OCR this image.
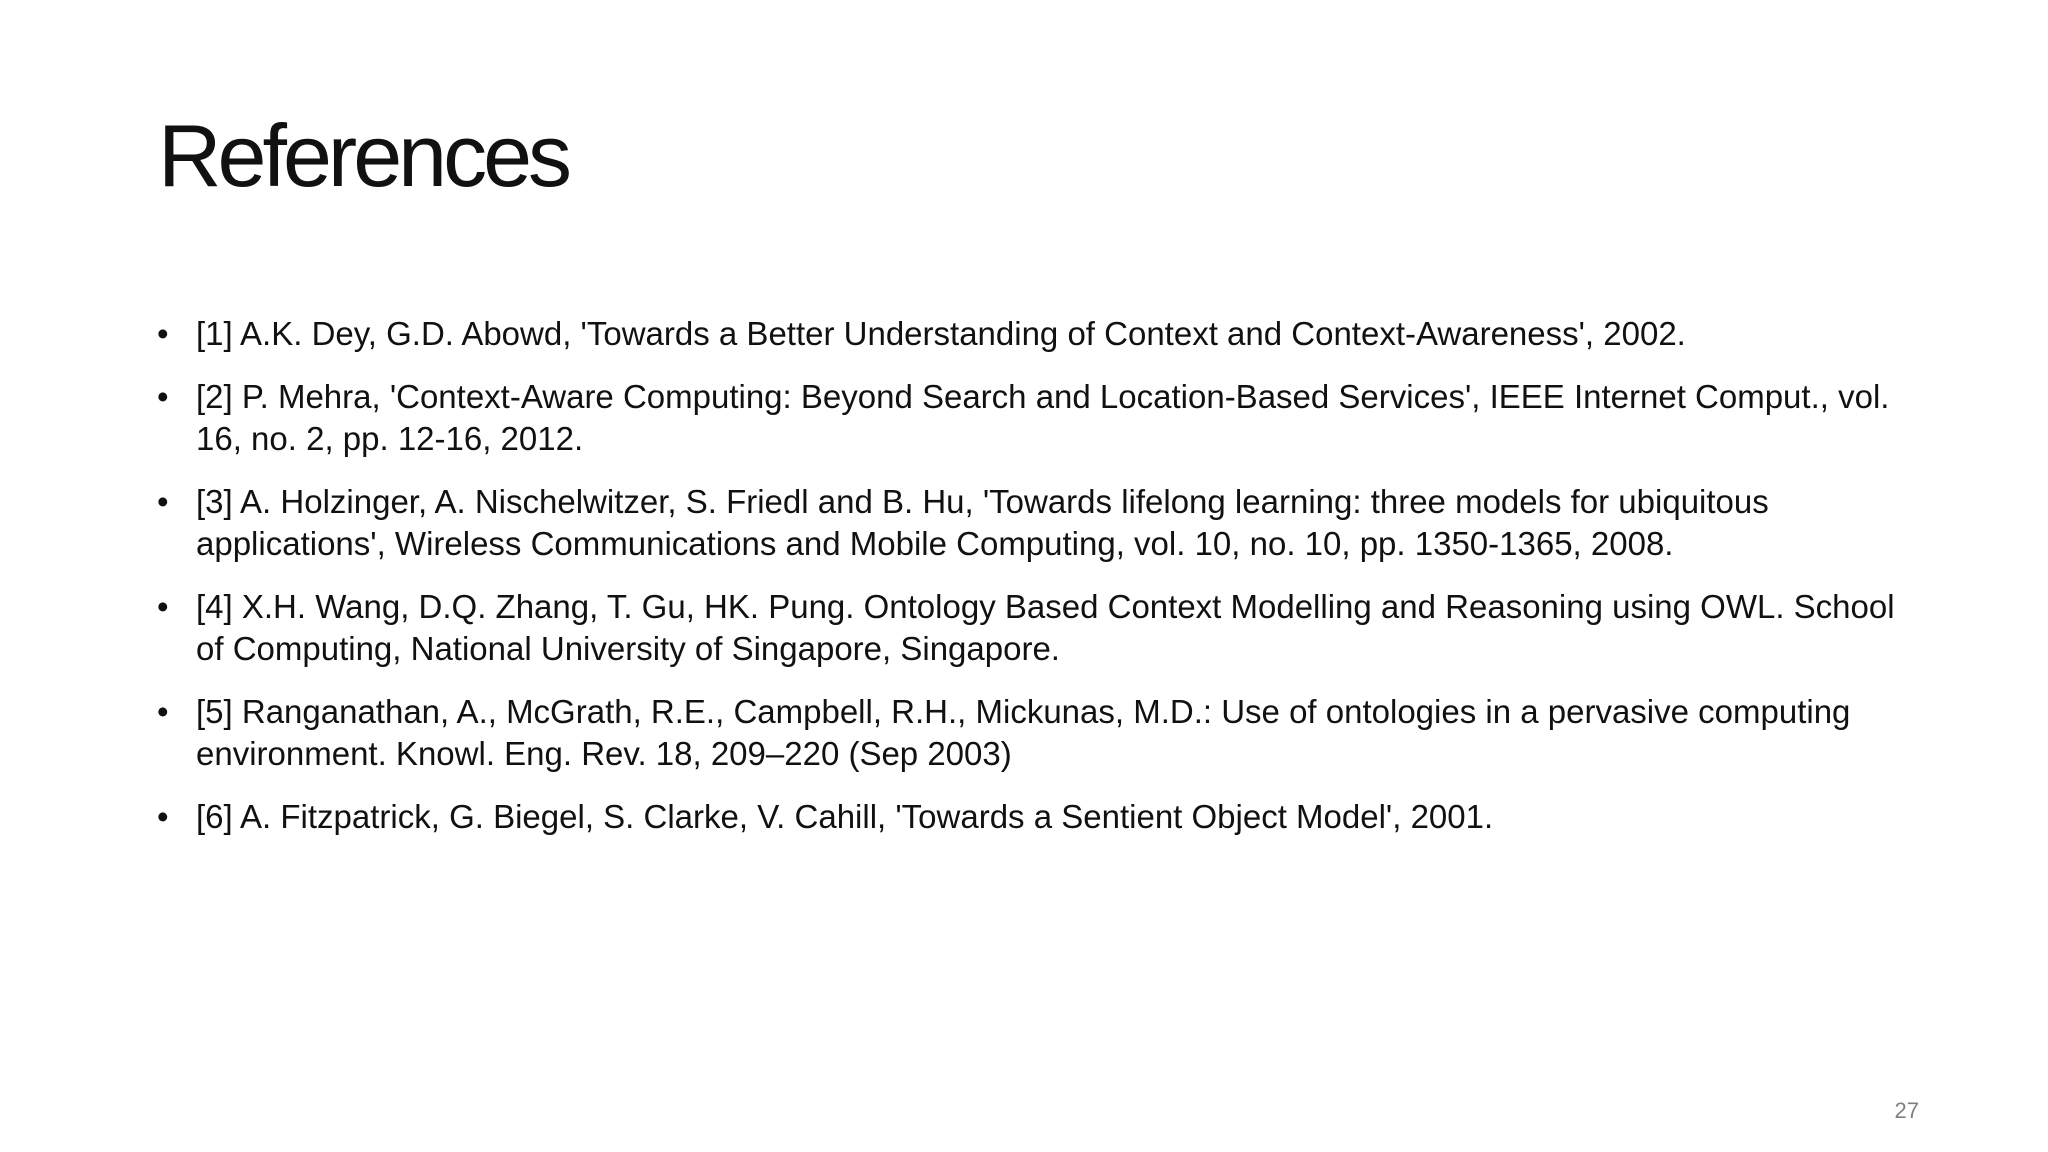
References
• [1] A.K. Dey, G.D. Abowd, 'Towards a Better Understanding of Context and Context-Awareness', 2002.
• [2] P. Mehra, 'Context-Aware Computing: Beyond Search and Location-Based Services', IEEE Internet Comput., vol. 16, no. 2, pp. 12-16, 2012.
• [3] A. Holzinger, A. Nischelwitzer, S. Friedl and B. Hu, 'Towards lifelong learning: three models for ubiquitous applications', Wireless Communications and Mobile Computing, vol. 10, no. 10, pp. 1350-1365, 2008.
• [4] X.H. Wang, D.Q. Zhang, T. Gu, HK. Pung. Ontology Based Context Modelling and Reasoning using OWL. School of Computing, National University of Singapore, Singapore.
• [5] Ranganathan, A., McGrath, R.E., Campbell, R.H., Mickunas, M.D.: Use of ontologies in a pervasive computing environment. Knowl. Eng. Rev. 18, 209–220 (Sep 2003)
• [6] A. Fitzpatrick, G. Biegel, S. Clarke, V. Cahill, 'Towards a Sentient Object Model', 2001.
27
